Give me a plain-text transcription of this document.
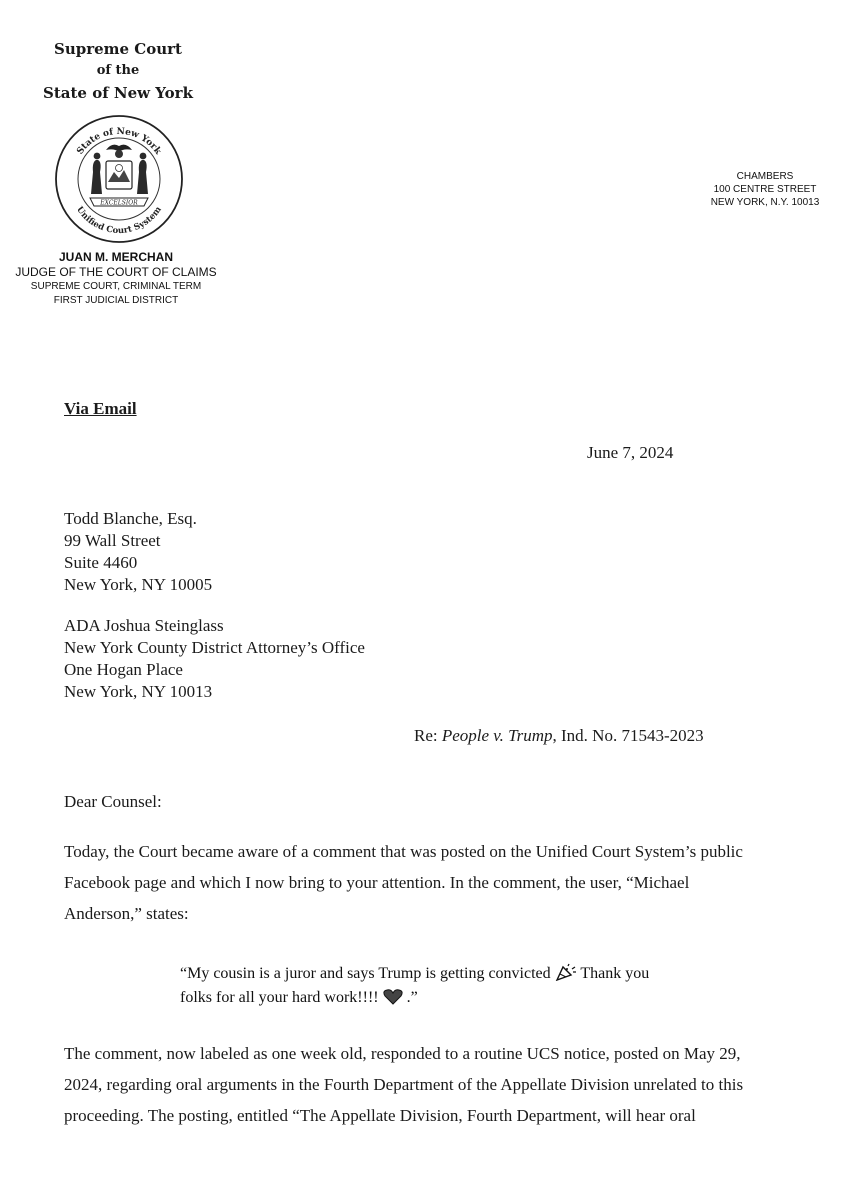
Supreme Court
of the
State of New York
State of New York
Unified Court System
EXCELSIOR
JUAN M. MERCHAN
JUDGE OF THE COURT OF CLAIMS
SUPREME COURT, CRIMINAL TERM
FIRST JUDICIAL DISTRICT
CHAMBERS
100 CENTRE STREET
NEW YORK, N.Y. 10013
Via Email
June 7, 2024
Todd Blanche, Esq.
99 Wall Street
Suite 4460
New York, NY 10005
ADA Joshua Steinglass
New York County District Attorney’s Office
One Hogan Place
New York, NY 10013
Re: People v. Trump, Ind. No. 71543-2023
Dear Counsel:
Today, the Court became aware of a comment that was posted on the Unified Court System’s public
Facebook page and which I now bring to your attention. In the comment, the user, “Michael
Anderson,” states:
“My cousin is a juror and says Trump is getting convicted Thank you
folks for all your hard work!!!!  .”
The comment, now labeled as one week old, responded to a routine UCS notice, posted on May 29,
2024, regarding oral arguments in the Fourth Department of the Appellate Division unrelated to this
proceeding. The posting, entitled “The Appellate Division, Fourth Department, will hear oral
